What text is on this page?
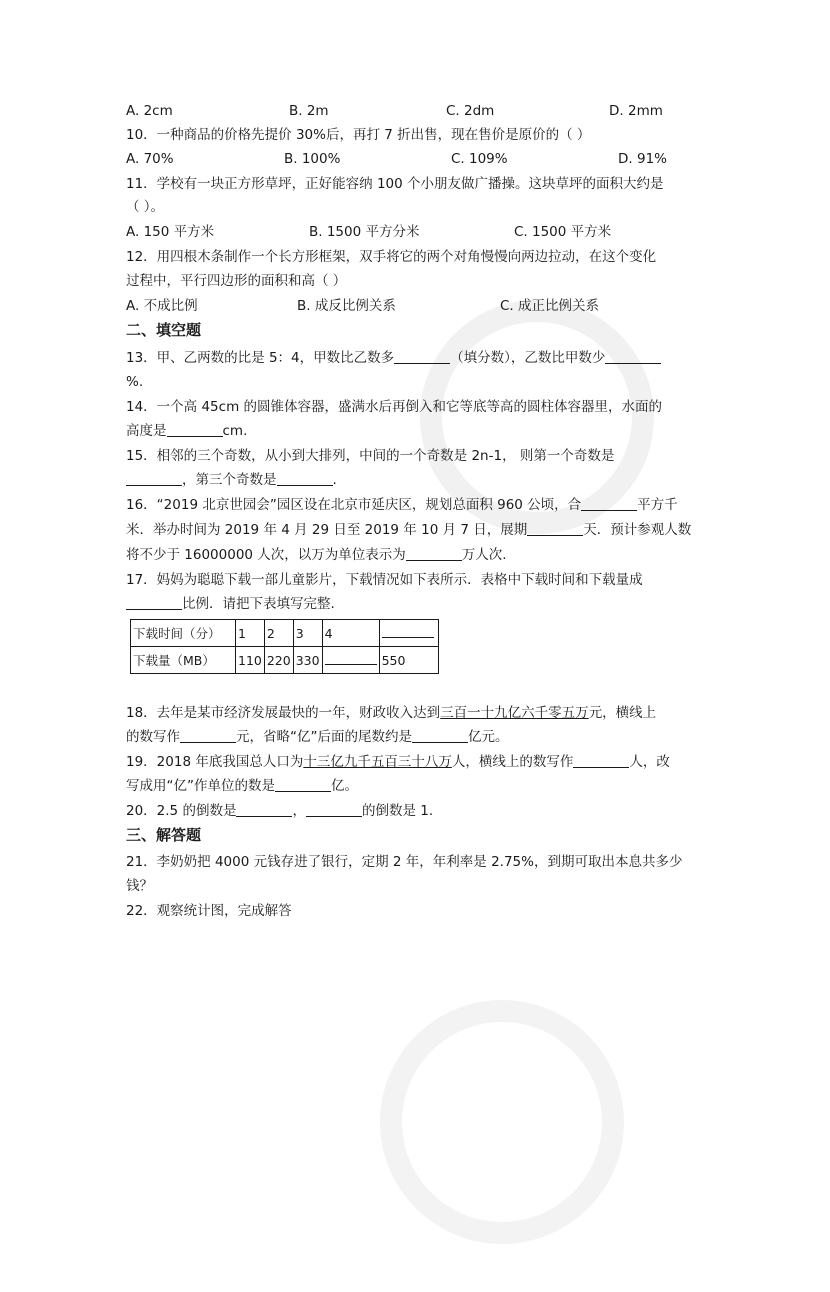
A. 2cm	B. 2m	C. 2dm	D. 2mm
10．一种商品的价格先提价 30%后，再打 7 折出售，现在售价是原价的（ ）
A. 70%	B. 100%	C. 109%	D. 91%
11．学校有一块正方形草坪，正好能容纳 100 个小朋友做广播操。这块草坪的面积大约是
（ ）。
A. 150 平方米	B. 1500 平方分米	C. 1500 平方米
12．用四根木条制作一个长方形框架，双手将它的两个对角慢慢向两边拉动，在这个变化
过程中，平行四边形的面积和高（ ）
A. 不成比例	B. 成反比例关系	C. 成正比例关系
二、填空题
13．甲、乙两数的比是 5：4，甲数比乙数多	（填分数），乙数比甲数少
%.
14．一个高 45cm 的圆锥体容器，盛满水后再倒入和它等底等高的圆柱体容器里，水面的
高度是	cm.
15．相邻的三个奇数，从小到大排列，中间的一个奇数是 2n-1， 则第一个奇数是
，第三个奇数是	.
16．“2019 北京世园会”园区设在北京市延庆区，规划总面积 960 公顷，合	平方千
米．举办时间为 2019 年 4 月 29 日至 2019 年 10 月 7 日，展期	天．预计参观人数
将不少于 16000000 人次，以万为单位表示为	万人次.
17．妈妈为聪聪下载一部儿童影片，下载情况如下表所示．表格中下载时间和下载量成
比例．请把下表填写完整.
下载时间（分）	1	2	3	4	
下载量（MB）	110	220	330		550
18．去年是某市经济发展最快的一年，财政收入达到三百一十九亿六千零五万元，横线上
的数写作	元，省略“亿”后面的尾数约是	亿元。
19．2018 年底我国总人口为十三亿九千五百三十八万人，横线上的数写作	人，改
写成用“亿”作单位的数是	亿。
20．2.5 的倒数是	，	的倒数是 1.
三、解答题
21．李奶奶把 4000 元钱存进了银行，定期 2 年，年利率是 2.75%，到期可取出本息共多少
钱？
22．观察统计图，完成解答
